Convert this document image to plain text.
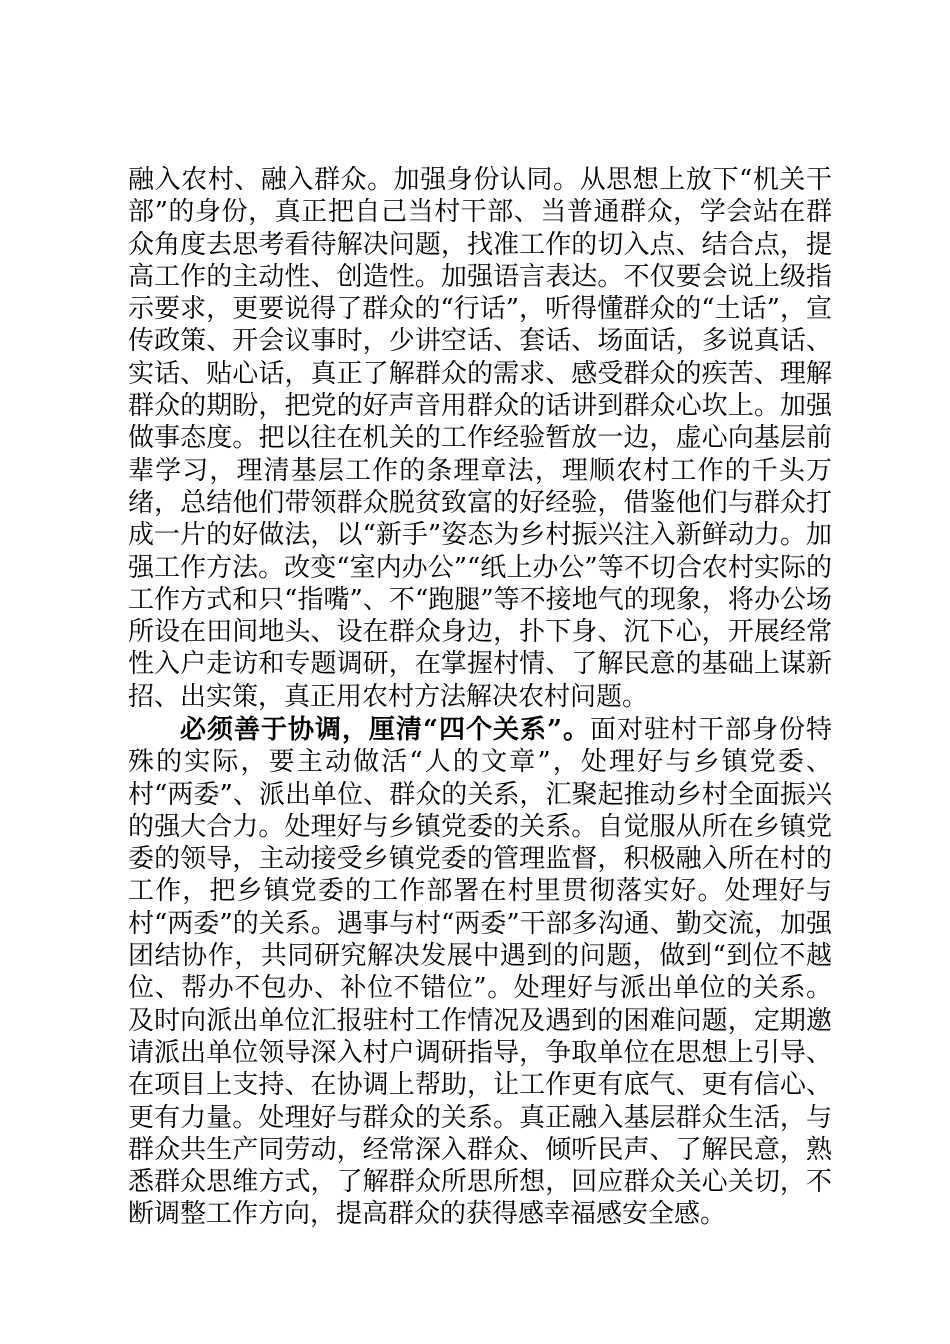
融入农村、融入群众。加强身份认同。从思想上放下“机关干部”的身份，真正把自己当村干部、当普通群众，学会站在群众角度去思考看待解决问题，找准工作的切入点、结合点，提高工作的主动性、创造性。加强语言表达。不仅要会说上级指示要求，更要说得了群众的“行话”，听得懂群众的“土话”，宣传政策、开会议事时，少讲空话、套话、场面话，多说真话、实话、贴心话，真正了解群众的需求、感受群众的疾苦、理解群众的期盼，把党的好声音用群众的话讲到群众心坎上。加强做事态度。把以往在机关的工作经验暂放一边，虚心向基层前辈学习，理清基层工作的条理章法，理顺农村工作的千头万绪，总结他们带领群众脱贫致富的好经验，借鉴他们与群众打成一片的好做法，以“新手”姿态为乡村振兴注入新鲜动力。加强工作方法。改变“室内办公”“纸上办公”等不切合农村实际的工作方式和只“指嘴”、不“跑腿”等不接地气的现象，将办公场所设在田间地头、设在群众身边，扑下身、沉下心，开展经常性入户走访和专题调研，在掌握村情、了解民意的基础上谋新招、出实策，真正用农村方法解决农村问题。

必须善于协调，厘清“四个关系”。面对驻村干部身份特殊的实际，要主动做活“人的文章”，处理好与乡镇党委、村“两委”、派出单位、群众的关系，汇聚起推动乡村全面振兴的强大合力。处理好与乡镇党委的关系。自觉服从所在乡镇党委的领导，主动接受乡镇党委的管理监督，积极融入所在村的工作，把乡镇党委的工作部署在村里贯彻落实好。处理好与村“两委”的关系。遇事与村“两委”干部多沟通、勤交流，加强团结协作，共同研究解决发展中遇到的问题，做到“到位不越位、帮办不包办、补位不错位”。处理好与派出单位的关系。及时向派出单位汇报驻村工作情况及遇到的困难问题，定期邀请派出单位领导深入村户调研指导，争取单位在思想上引导、在项目上支持、在协调上帮助，让工作更有底气、更有信心、更有力量。处理好与群众的关系。真正融入基层群众生活，与群众共生产同劳动，经常深入群众、倾听民声、了解民意，熟悉群众思维方式，了解群众所思所想，回应群众关心关切，不断调整工作方向，提高群众的获得感幸福感安全感。
